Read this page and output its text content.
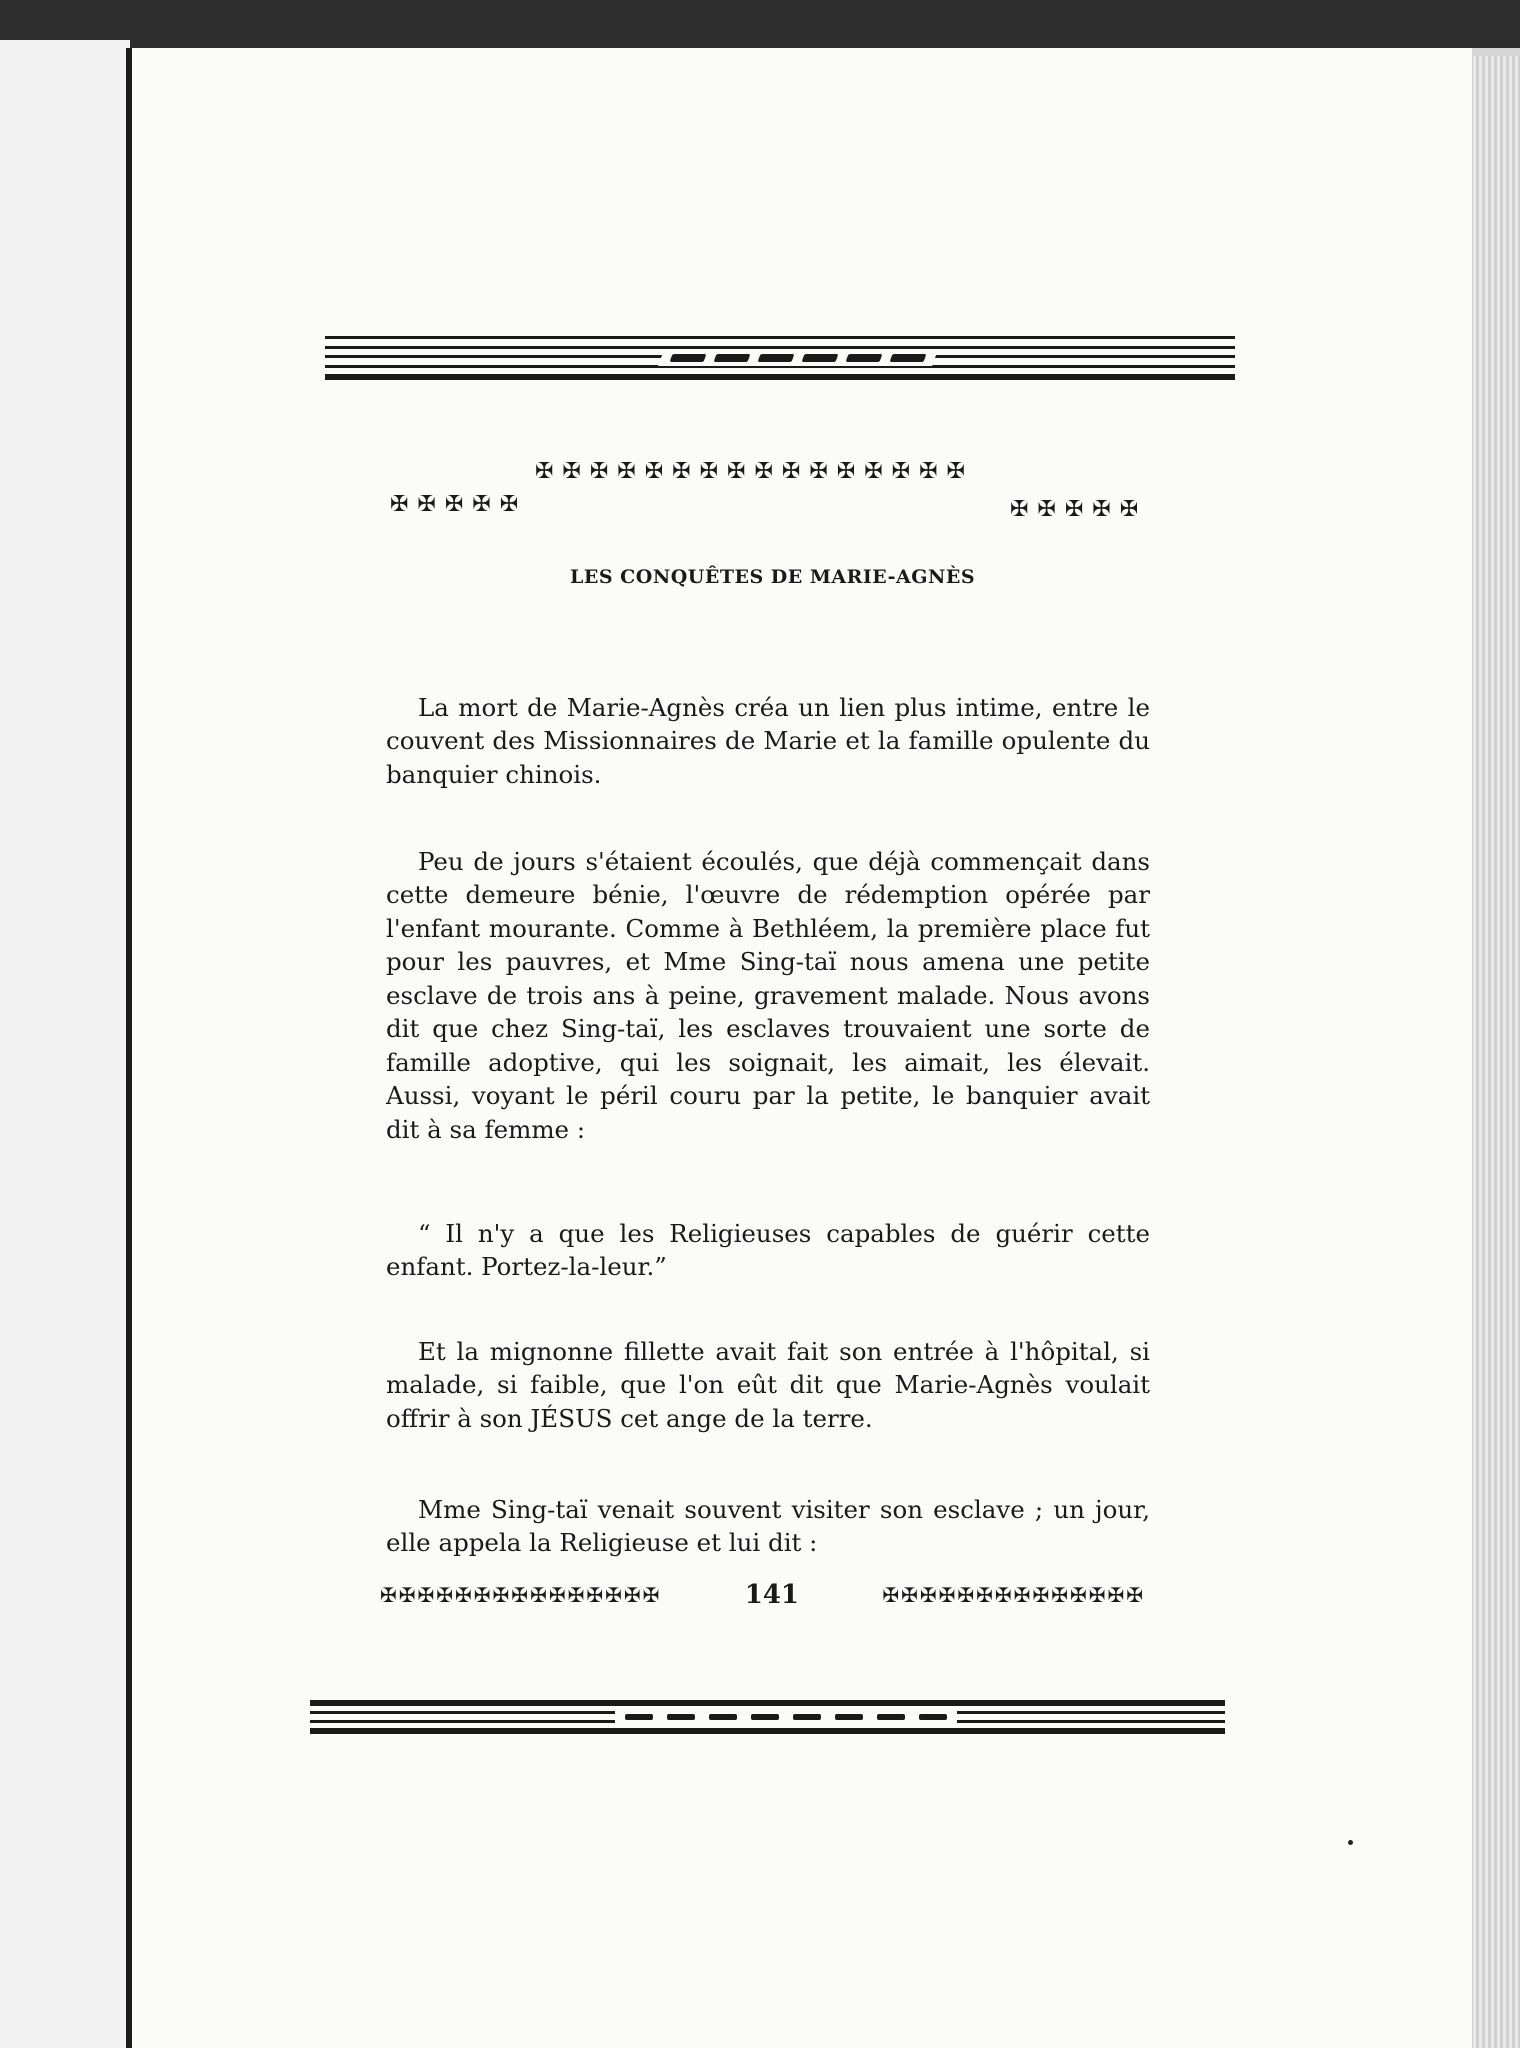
✠✠✠✠✠✠✠✠✠✠✠✠✠✠✠✠
✠✠✠✠✠	✠✠✠✠✠
LES CONQUÊTES DE MARIE-AGNÈS

La mort de Marie-Agnès créa un lien plus intime, entre le couvent des Missionnaires de Marie et la famille opulente du banquier chinois.

Peu de jours s'étaient écoulés, que déjà commençait dans cette demeure bénie, l'œuvre de rédemption opérée par l'enfant mourante. Comme à Bethléem, la première place fut pour les pauvres, et Mme Sing-taï nous amena une petite esclave de trois ans à peine, gravement malade. Nous avons dit que chez Sing-taï, les esclaves trouvaient une sorte de famille adoptive, qui les soignait, les aimait, les élevait. Aussi, voyant le péril couru par la petite, le banquier avait dit à sa femme :

“ Il n'y a que les Religieuses capables de guérir cette enfant. Portez-la-leur.”

Et la mignonne fillette avait fait son entrée à l'hôpital, si malade, si faible, que l'on eût dit que Marie-Agnès voulait offrir à son JÉSUS cet ange de la terre.

Mme Sing-taï venait souvent visiter son esclave ; un jour, elle appela la Religieuse et lui dit :

✠✠✠✠✠✠✠✠✠✠✠✠✠✠✠	141	✠✠✠✠✠✠✠✠✠✠✠✠✠✠
